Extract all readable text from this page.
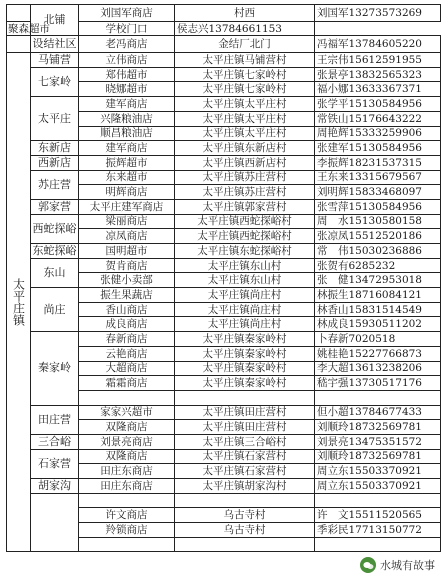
	北铺	刘国军商店	村西	刘国军13273573269
聚森超市		学校门口	侯志兴13784661153	
	设结社区	老冯商店	金结厂北门	冯福军13784605220
太平庄镇	马铺营	立伟商店	太平庄镇马铺营村	王宗伟15612591955
	七家岭	郑伟超市	太平庄镇七家岭村	张景亭13832565323
		晓娜超市	太平庄镇七家岭村	福小娜13633367371
	太平庄	建军商店	太平庄镇太平庄村	张学平15130584956
		兴隆粮油店	太平庄镇太平庄村	常铁山15176643222
		顺昌粮油店	太平庄镇太平庄村	周艳辉15333259906
	东新店	建军商店	太平庄镇东新店村	张建军15130584956
	西新店	振辉超市	太平庄镇西新店村	李振辉18231537315
	苏庄营	东来超市	太平庄镇苏庄营村	王东来13315679567
		明辉商店	太平庄镇苏庄营村	刘明辉15833468097
	郭家营	太平庄建军商店	太平庄镇郭家营村	张雪萍15130584956
	西蛇探峪	梁丽商店	太平庄镇西蛇探峪村	周　水15130580158
		凉凤商店	太平庄镇西蛇探峪村	张凉凤15512520186
	东蛇探峪	国明超市	太平庄镇东蛇探峪村	常　伟15030236886
	东山	贺肯商店	太平庄镇东山村	张贺有6285232
		张健小卖部	太平庄镇东山村	张　健13472953018
	尚庄	振生果蔬店	太平庄镇尚庄村	林振生18716084121
		香山商店	太平庄镇尚庄村	林香山15831514549
		成良商店	太平庄镇尚庄村	林成良15930511202
	秦家岭	春新商店	太平庄镇秦家岭村	卜春新7020518
		云艳商店	太平庄镇秦家岭村	姚桂艳15227766873
		大超商店	太平庄镇秦家岭村	李大超13613238206
		霜霜商店	太平庄镇秦家岭村	嵇宇强13730517176

	田庄营	家家兴超市	太平庄镇田庄营村	但小超13784677433
		双隆商店	太平庄镇田庄营村	刘顺玲18732569781
	三合峪	刘景亮商店	太平庄镇三合峪村	刘景亮13475351572
	石家营	双隆商店	太平庄镇石家营村	刘顺玲18732569781
		田庄东商店	太平庄镇石家营村	周立东15503370921
	胡家沟	田庄东商店	太平庄镇胡家沟村	周立东15503370921

		许文商店	乌古寺村	许　文15511520565
		羚锁商店	乌古寺村	季彩民17713150772

水城有故事
